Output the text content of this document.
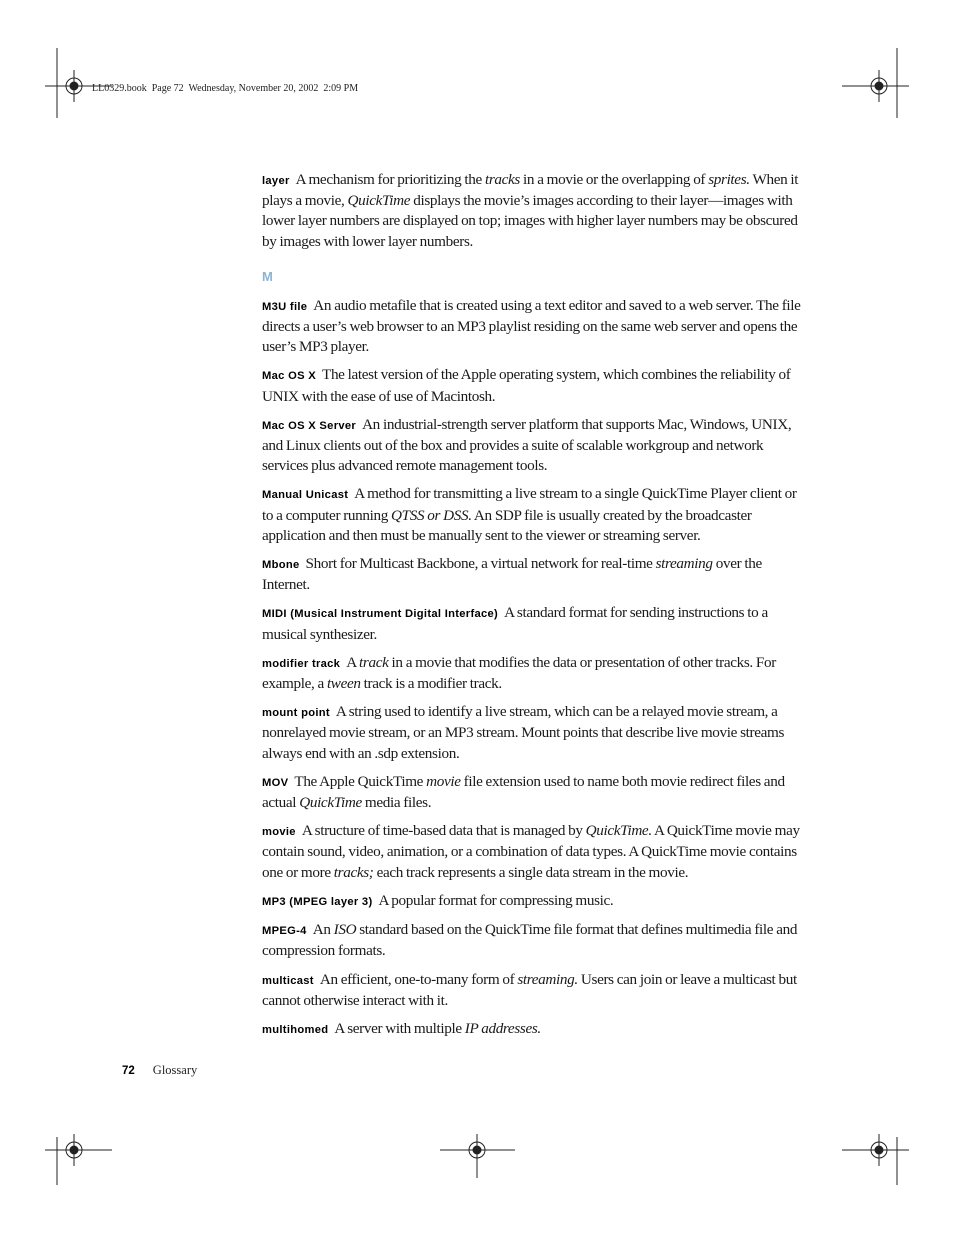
LL0329.book  Page 72  Wednesday, November 20, 2002  2:09 PM

layer A mechanism for prioritizing the tracks in a movie or the overlapping of sprites. When it plays a movie, QuickTime displays the movie’s images according to their layer—images with lower layer numbers are displayed on top; images with higher layer numbers may be obscured by images with lower layer numbers.

M

M3U file An audio metafile that is created using a text editor and saved to a web server. The file directs a user’s web browser to an MP3 playlist residing on the same web server and opens the user’s MP3 player.

Mac OS X The latest version of the Apple operating system, which combines the reliability of UNIX with the ease of use of Macintosh.

Mac OS X Server An industrial-strength server platform that supports Mac, Windows, UNIX, and Linux clients out of the box and provides a suite of scalable workgroup and network services plus advanced remote management tools.

Manual Unicast A method for transmitting a live stream to a single QuickTime Player client or to a computer running QTSS or DSS. An SDP file is usually created by the broadcaster application and then must be manually sent to the viewer or streaming server.

Mbone Short for Multicast Backbone, a virtual network for real-time streaming over the Internet.

MIDI (Musical Instrument Digital Interface) A standard format for sending instructions to a musical synthesizer.

modifier track A track in a movie that modifies the data or presentation of other tracks. For example, a tween track is a modifier track.

mount point A string used to identify a live stream, which can be a relayed movie stream, a nonrelayed movie stream, or an MP3 stream. Mount points that describe live movie streams always end with an .sdp extension.

MOV The Apple QuickTime movie file extension used to name both movie redirect files and actual QuickTime media files.

movie A structure of time-based data that is managed by QuickTime. A QuickTime movie may contain sound, video, animation, or a combination of data types. A QuickTime movie contains one or more tracks; each track represents a single data stream in the movie.

MP3 (MPEG layer 3) A popular format for compressing music.

MPEG-4 An ISO standard based on the QuickTime file format that defines multimedia file and compression formats.

multicast An efficient, one-to-many form of streaming. Users can join or leave a multicast but cannot otherwise interact with it.

multihomed A server with multiple IP addresses.

72 Glossary
